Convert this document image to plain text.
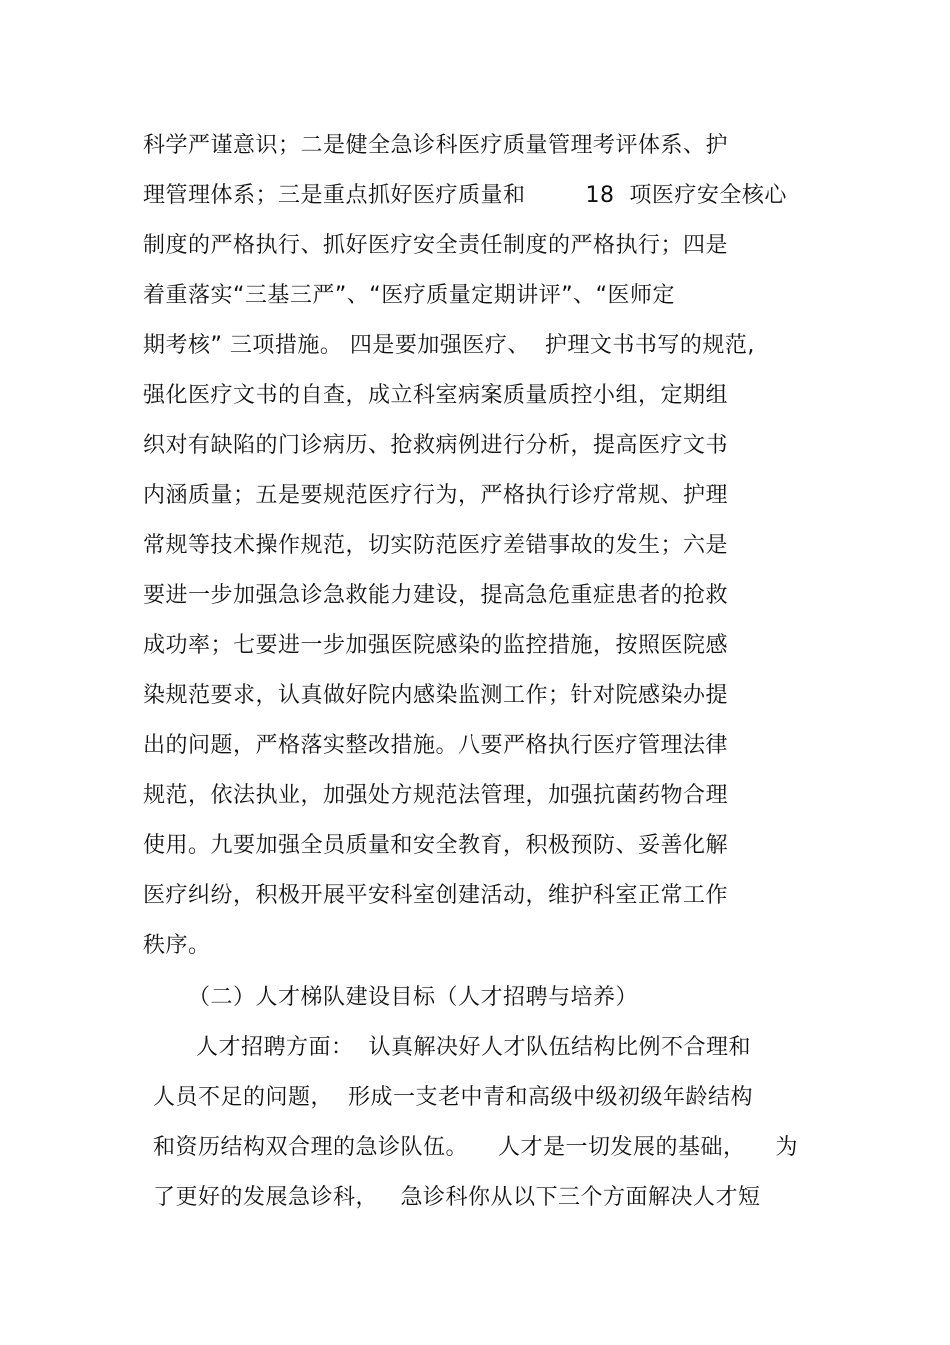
科学严谨意识；二是健全急诊科医疗质量管理考评体系、护
理管理体系；三是重点抓好医疗质量和        18  项医疗安全核心
制度的严格执行、抓好医疗安全责任制度的严格执行；四是
着重落实“三基三严”、“医疗质量定期讲评”、“医师定
期考核” 三项措施。 四是要加强医疗、  护理文书书写的规范,
强化医疗文书的自查，成立科室病案质量质控小组，定期组
织对有缺陷的门诊病历、抢救病例进行分析，提高医疗文书
内涵质量；五是要规范医疗行为，严格执行诊疗常规、护理
常规等技术操作规范，切实防范医疗差错事故的发生；六是
要进一步加强急诊急救能力建设，提高急危重症患者的抢救
成功率；七要进一步加强医院感染的监控措施，按照医院感
染规范要求，认真做好院内感染监测工作；针对院感染办提
出的问题，严格落实整改措施。八要严格执行医疗管理法律
规范，依法执业，加强处方规范法管理，加强抗菌药物合理
使用。九要加强全员质量和安全教育，积极预防、妥善化解
医疗纠纷，积极开展平安科室创建活动，维护科室正常工作
秩序。
（二）人才梯队建设目标（人才招聘与培养）
人才招聘方面：  认真解决好人才队伍结构比例不合理和
人员不足的问题，  形成一支老中青和高级中级初级年龄结构
和资历结构双合理的急诊队伍。    人才是一切发展的基础，    为
了更好的发展急诊科，   急诊科你从以下三个方面解决人才短
